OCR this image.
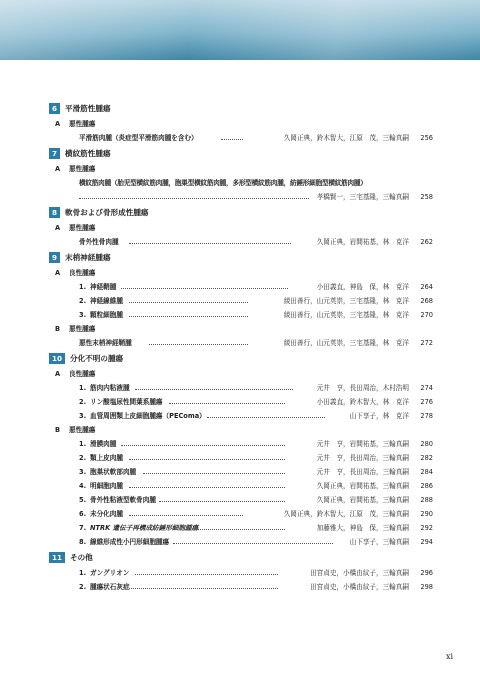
6 平滑筋性腫瘍
A 悪性腫瘍
平滑筋肉腫（炎症型平滑筋肉腫を含む）	久岡正典，鈴木智大，江原　茂，三輪真嗣	256
7 横紋筋性腫瘍
A 悪性腫瘍
横紋筋肉腫（胎児型横紋筋肉腫，胞巣型横紋筋肉腫，多形型横紋筋肉腫，紡錘形細胞型横紋筋肉腫）
孝橋賢一，三宅基隆，三輪真嗣	258
8 軟骨および骨形成性腫瘍
A 悪性腫瘍
骨外性骨肉腫	久岡正典，岩間祐基，林　克洋	262
9 末梢神経腫瘍
A 良性腫瘍
1. 神経鞘腫	小田義直，神島　保，林　克洋	264
2. 神経線維腫	綾田善行，山元英崇，三宅基隆，林　克洋	268
3. 顆粒細胞腫	綾田善行，山元英崇，三宅基隆，林　克洋	270
B 悪性腫瘍
悪性末梢神経鞘腫	綾田善行，山元英崇，三宅基隆，林　克洋	272
10 分化不明の腫瘍
A 良性腫瘍
1. 筋肉内粘液腫	元井　亨，長田周治，木村浩明	274
2. リン酸塩尿性間葉系腫瘍	小田義直，鈴木智大，林　克洋	276
3. 血管周囲類上皮細胞腫瘍（PEComa）	山下享子，林　克洋	278
B 悪性腫瘍
1. 滑膜肉腫	元井　亨，岩間祐基，三輪真嗣	280
2. 類上皮肉腫	元井　亨，長田周治，三輪真嗣	282
3. 胞巣状軟部肉腫	元井　亨，長田周治，三輪真嗣	284
4. 明細胞肉腫	久岡正典，岩間祐基，三輪真嗣	286
5. 骨外性粘液型軟骨肉腫	久岡正典，岩間祐基，三輪真嗣	288
6. 未分化肉腫	久岡正典，鈴木智大，江原　茂，三輪真嗣	290
7. NTRK 遺伝子再構成紡錘形細胞腫瘍	加藤雅大，神島　保，三輪真嗣	292
8. 線維形成性小円形細胞腫瘍	山下享子，三輪真嗣	294
11 その他
1. ガングリオン	田宮貞史，小橋由紋子，三輪真嗣	296
2. 腫瘍状石灰症	田宮貞史，小橋由紋子，三輪真嗣	298
xi
